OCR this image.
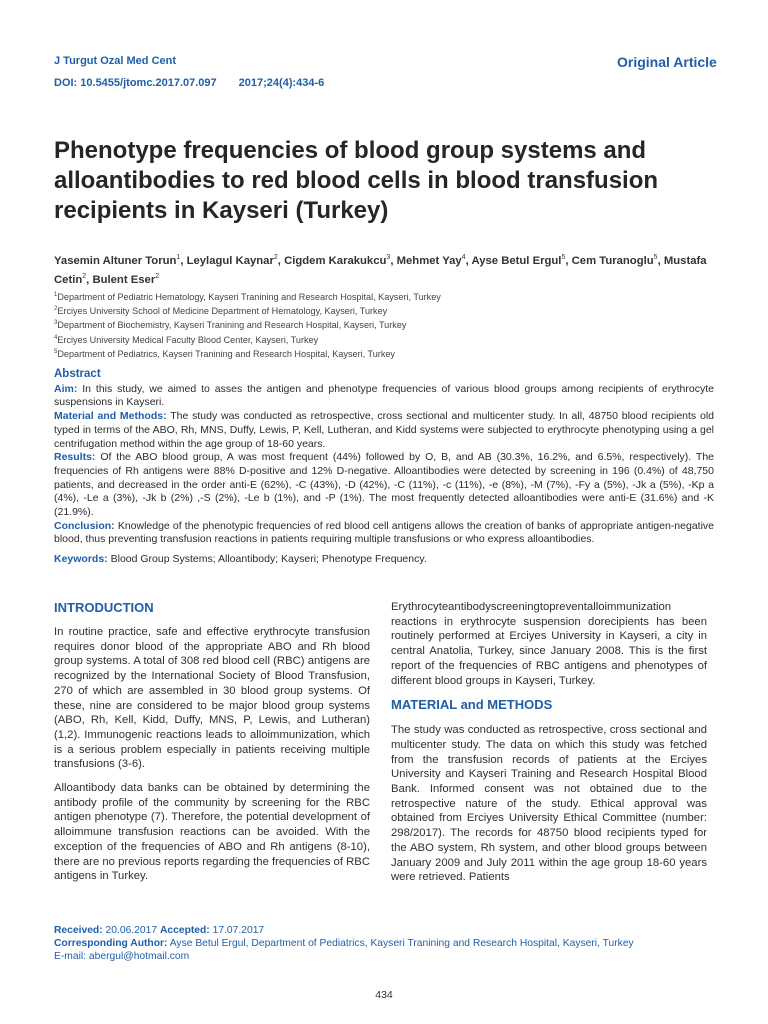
J Turgut Ozal Med Cent
DOI: 10.5455/jtomc.2017.07.097 2017;24(4):434-6
Original Article
Phenotype frequencies of blood group systems and alloantibodies to red blood cells in blood transfusion recipients in Kayseri (Turkey)
Yasemin Altuner Torun$^1$, Leylagul Kaynar$^2$, Cigdem Karakukcu$^3$, Mehmet Yay$^4$, Ayse Betul Ergul$^5$, Cem Turanoglu$^5$, Mustafa Cetin$^2$, Bulent Eser$^2$
$^1$Department of Pediatric Hematology, Kayseri Tranining and Research Hospital, Kayseri, Turkey
$^2$Erciyes University School of Medicine Department of Hematology, Kayseri, Turkey
$^3$Department of Biochemistry, Kayseri Tranining and Research Hospital, Kayseri, Turkey
$^4$Erciyes University Medical Faculty Blood Center, Kayseri, Turkey
$^5$Department of Pediatrics, Kayseri Tranining and Research Hospital, Kayseri, Turkey
Abstract

Aim: In this study, we aimed to asses the antigen and phenotype frequencies of various blood groups among recipients of erythrocyte suspensions in Kayseri.

Material and Methods: The study was conducted as retrospective, cross sectional and multicenter study. In all, 48750 blood recipients old typed in terms of the ABO, Rh, MNS, Duffy, Lewis, P, Kell, Lutheran, and Kidd systems were subjected to erythrocyte phenotyping using a gel centrifugation method within the age group of 18-60 years.

Results: Of the ABO blood group, A was most frequent (44%) followed by O, B, and AB (30.3%, 16.2%, and 6.5%, respectively). The frequencies of Rh antigens were 88% D-positive and 12% D-negative. Alloantibodies were detected by screening in 196 (0.4%) of 48,750 patients, and decreased in the order anti-E (62%), -C (43%), -D (42%), -C (11%), -c (11%), -e (8%), -M (7%), -Fy a (5%), -Jk a (5%), -Kp a (4%), -Le a (3%), -Jk b (2%) ,-S (2%), -Le b (1%), and -P (1%). The most frequently detected alloantibodies were anti-E (31.6%) and -K (21.9%).

Conclusion: Knowledge of the phenotypic frequencies of red blood cell antigens allows the creation of banks of appropriate antigen-negative blood, thus preventing transfusion reactions in patients requiring multiple transfusions or who express alloantibodies.

Keywords: Blood Group Systems; Alloantibody; Kayseri; Phenotype Frequency.

INTRODUCTION

In routine practice, safe and effective erythrocyte transfusion requires donor blood of the appropriate ABO and Rh blood group systems. A total of 308 red blood cell (RBC) antigens are recognized by the International Society of Blood Transfusion, 270 of which are assembled in 30 blood group systems. Of these, nine are considered to be major blood group systems (ABO, Rh, Kell, Kidd, Duffy, MNS, P, Lewis, and Lutheran) (1,2). Immunogenic reactions leads to alloimmunization, which is a serious problem especially in patients receiving multiple transfusions (3-6).

Alloantibody data banks can be obtained by determining the antibody profile of the community by screening for the RBC antigen phenotype (7). Therefore, the potential development of alloimmune transfusion reactions can be avoided. With the exception of the frequencies of ABO and Rh antigens (8-10), there are no previous reports regarding the frequencies of RBC antigens in Turkey.

Erythrocyteantibodyscreeningtopreventalloimmunization reactions in erythrocyte suspension dorecipients has been routinely performed at Erciyes University in Kayseri, a city in central Anatolia, Turkey, since January 2008. This is the first report of the frequencies of RBC antigens and phenotypes of different blood groups in Kayseri, Turkey.

MATERIAL and METHODS

The study was conducted as retrospective, cross sectional and multicenter study. The data on which this study was fetched from the transfusion records of patients at the Erciyes University and Kayseri Training and Research Hospital Blood Bank. Informed consent was not obtained due to the retrospective nature of the study. Ethical approval was obtained from Erciyes University Ethical Committee (number: 298/2017). The records for 48750 blood recipients typed for the ABO system, Rh system, and other blood groups between January 2009 and July 2011 within the age group 18-60 years were retrieved. Patients

Received: 20.06.2017 Accepted: 17.07.2017
Corresponding Author: Ayse Betul Ergul, Department of Pediatrics, Kayseri Tranining and Research Hospital, Kayseri, Turkey
E-mail: abergul@hotmail.com
434
